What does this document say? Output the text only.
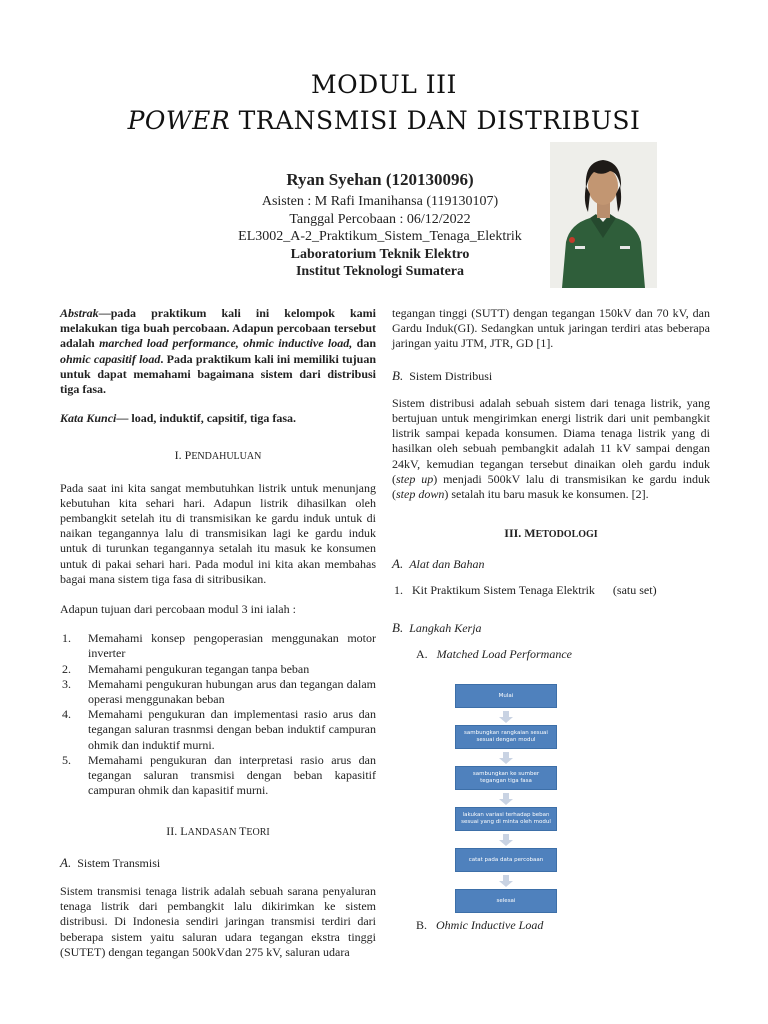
MODUL III
POWER TRANSMISI DAN DISTRIBUSI
Ryan Syehan (120130096)
Asisten : M Rafi Imanihansa (119130107)
Tanggal Percobaan : 06/12/2022
EL3002_A-2_Praktikum_Sistem_Tenaga_Elektrik
Laboratorium Teknik Elektro
Institut Teknologi Sumatera

Abstrak—pada praktikum kali ini kelompok kami melakukan tiga buah percobaan. Adapun percobaan tersebut adalah marched load performance, ohmic inductive load, dan ohmic capasitif load. Pada praktikum kali ini memiliki tujuan untuk dapat memahami bagaimana sistem dari distribusi tiga fasa.

Kata Kunci— load, induktif, capsitif, tiga fasa.

I. PENDAHULUAN

Pada saat ini kita sangat membutuhkan listrik untuk menunjang kebutuhan kita sehari hari. Adapun listrik dihasilkan oleh pembangkit setelah itu di transmisikan ke gardu induk untuk di naikan tegangannya lalu di transmisikan lagi ke gardu induk untuk di turunkan tegangannya setalah itu masuk ke konsumen untuk di pakai sehari hari. Pada modul ini kita akan membahas bagai mana sistem tiga fasa di sitribusikan.

Adapun tujuan dari percobaan modul 3 ini ialah :

1. Memahami konsep pengoperasian menggunakan motor inverter
2. Memahami pengukuran tegangan tanpa beban
3. Memahami pengukuran hubungan arus dan tegangan dalam operasi menggunakan beban
4. Memahami pengukuran dan implementasi rasio arus dan tegangan saluran trasnmsi dengan beban induktif campuran ohmik dan induktif murni.
5. Memahami pengukuran dan interpretasi rasio arus dan tegangan saluran transmisi dengan beban kapasitif campuran ohmik dan kapasitif murni.
II. LANDASAN TEORI
A. Sistem Transmisi

Sistem transmisi tenaga listrik adalah sebuah sarana penyaluran tenaga listrik dari pembangkit lalu dikirimkan ke sistem distribusi. Di Indonesia sendiri jaringan transmisi terdiri dari beberapa sistem yaitu saluran udara tegangan ekstra tinggi (SUTET) dengan tegangan 500kVdan 275 kV, saluran udara

tegangan tinggi (SUTT) dengan tegangan 150kV dan 70 kV, dan Gardu Induk(GI). Sedangkan untuk jaringan terdiri atas beberapa jaringan yaitu JTM, JTR, GD [1].

B. Sistem Distribusi

Sistem distribusi adalah sebuah sistem dari tenaga listrik, yang bertujuan untuk mengirimkan energi listrik dari unit pembangkit listrik sampai kepada konsumen. Diama tenaga listrik yang di hasilkan oleh sebuah pembangkit adalah 11 kV sampai dengan 24kV, kemudian tegangan tersebut dinaikan oleh gardu induk (step up) menjadi 500kV lalu di transmisikan ke gardu induk (step down) setalah itu baru masuk ke konsumen. [2].

III. METODOLOGI
A. Alat dan Bahan
1. Kit Praktikum Sistem Tenaga Elektrik (satu set)
B. Langkah Kerja
A. Matched Load Performance
Mulai
sambungkan rangkaian sesuai sesuai dengan modul
sambungkan ke sumber tegangan tiga fasa
lakukan variasi terhadap beban sesuai yang di minta oleh modul
catat pada data percobaan
selesai
B. Ohmic Inductive Load
